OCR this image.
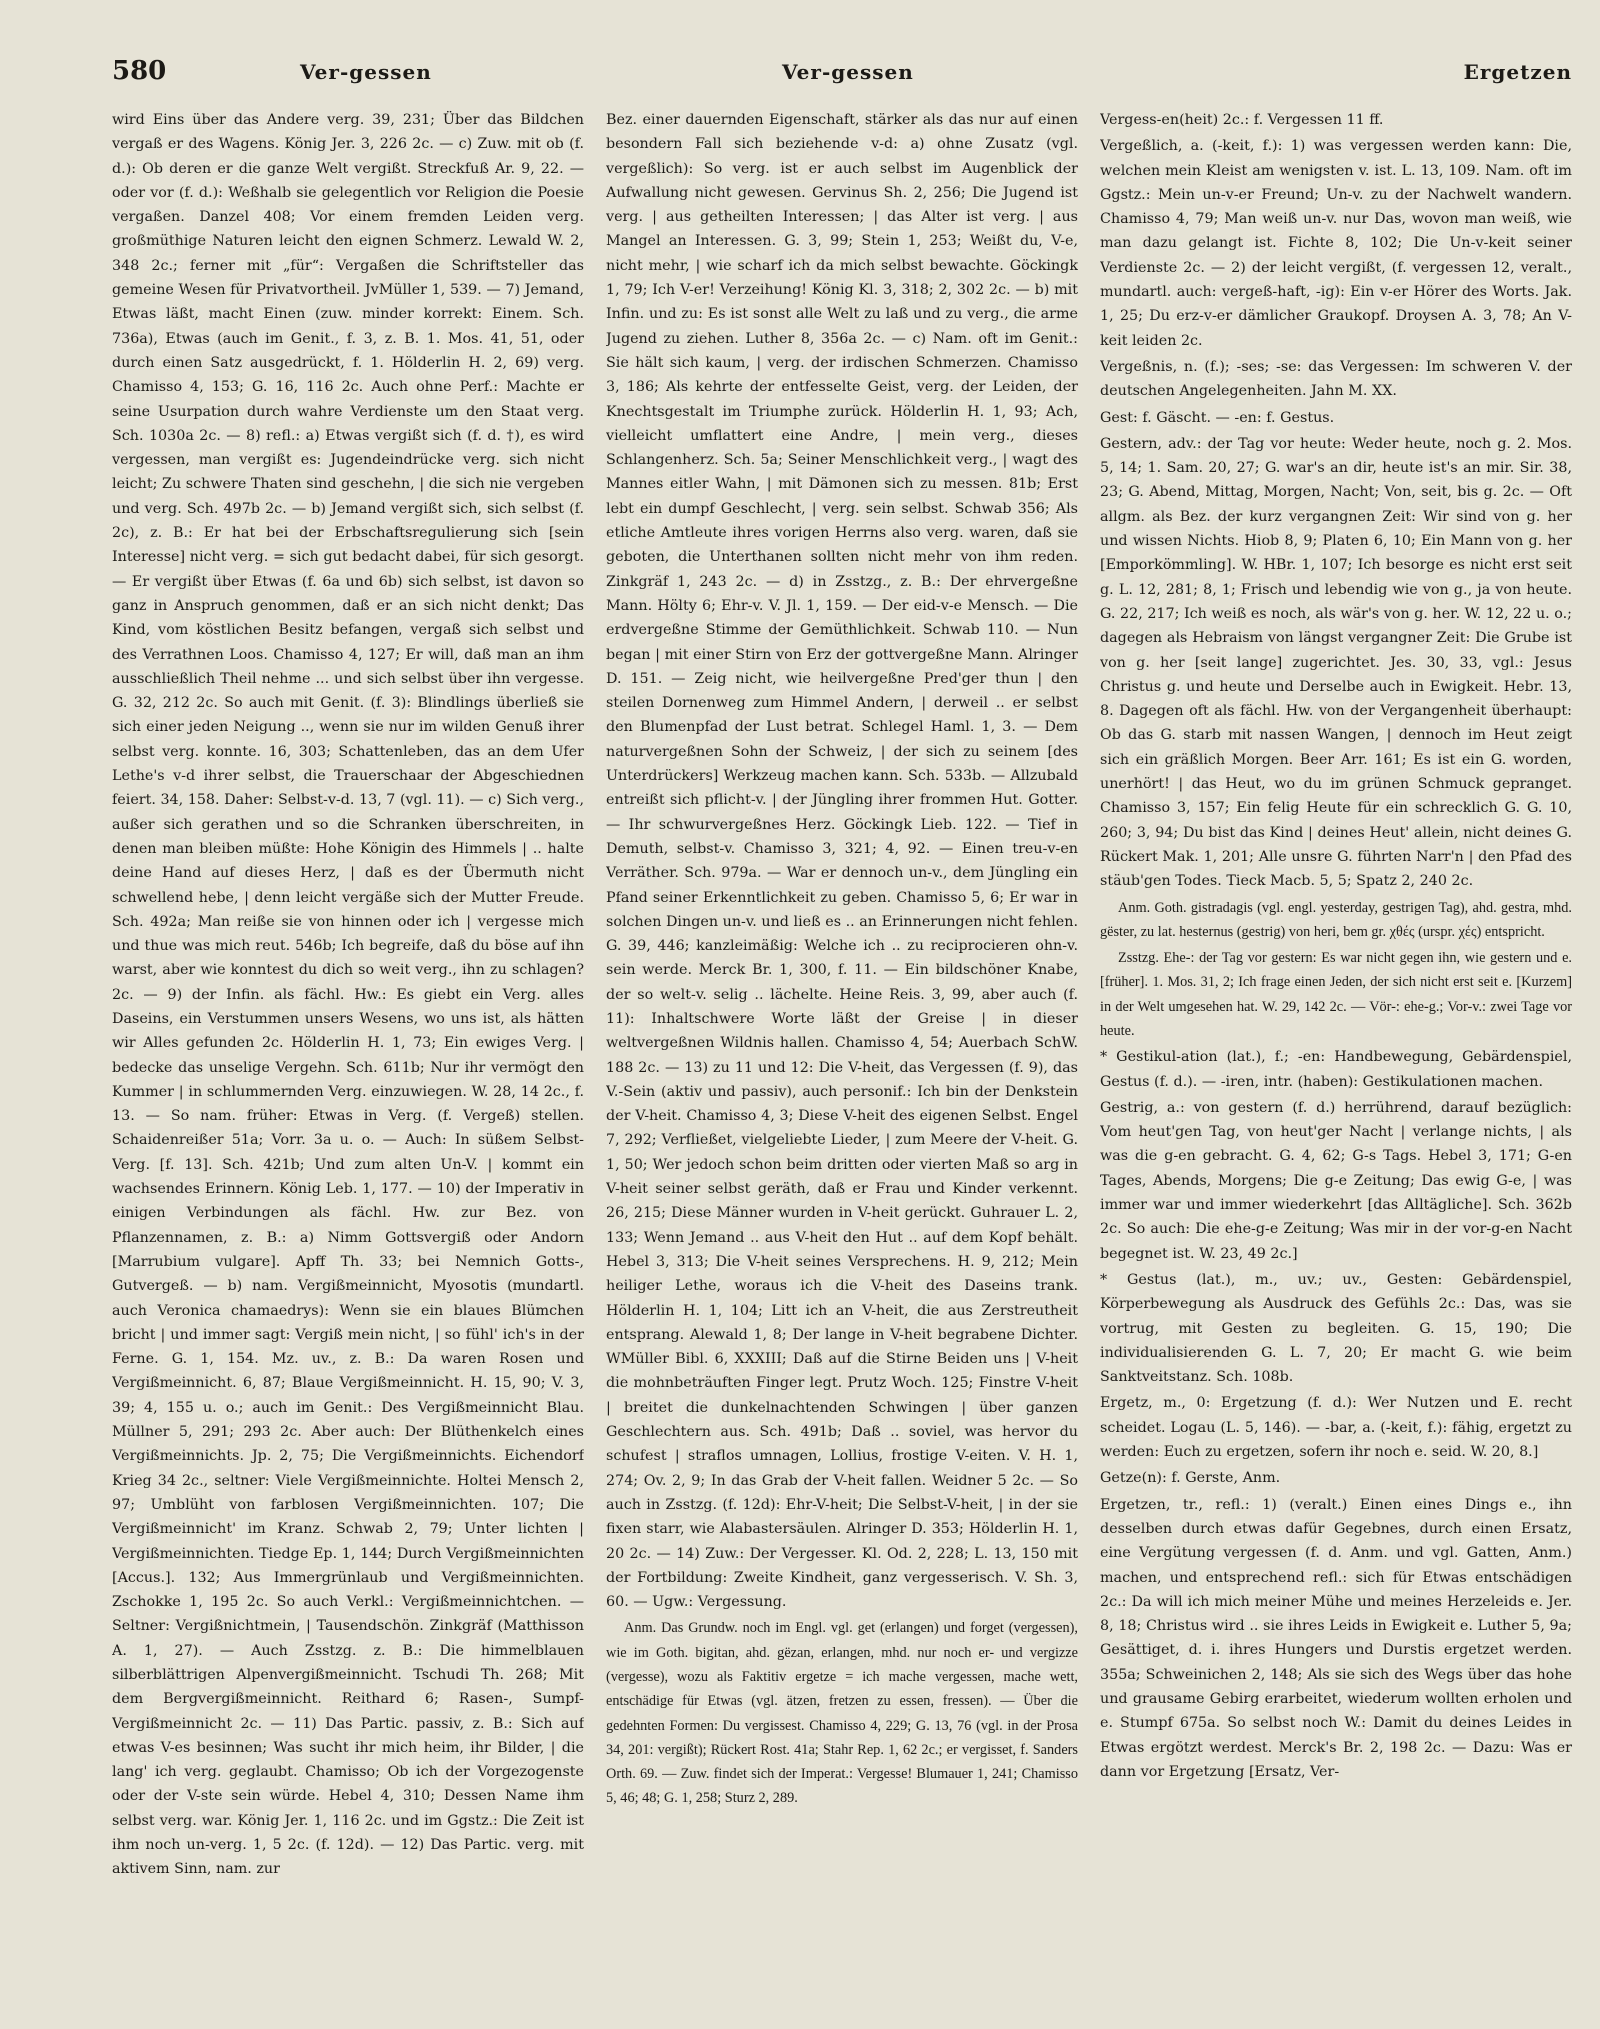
580	Ver-gessen	Ver-gessen	Ergetzen

wird Eins über das Andere verg. 39, 231; Über das Bildchen vergaß er des Wagens. König Jer. 3, 226 2c. — c) Zuw. mit ob (f. d.): Ob deren er die ganze Welt vergißt. Streckfuß Ar. 9, 22. — oder vor (f. d.): Weßhalb sie gelegentlich vor Religion die Poesie vergaßen. Danzel 408; Vor einem fremden Leiden verg. großmüthige Naturen leicht den eignen Schmerz. Lewald W. 2, 348 2c.; ferner mit „für“: Vergaßen die Schriftsteller das gemeine Wesen für Privatvortheil. JvMüller 1, 539. — 7) Jemand, Etwas läßt, macht Einen (zuw. minder korrekt: Einem. Sch. 736a), Etwas (auch im Genit., f. 3, z. B. 1. Mos. 41, 51, oder durch einen Satz ausgedrückt, f. 1. Hölderlin H. 2, 69) verg. Chamisso 4, 153; G. 16, 116 2c. Auch ohne Perf.: Machte er seine Usurpation durch wahre Verdienste um den Staat verg. Sch. 1030a 2c. — 8) refl.: a) Etwas vergißt sich (f. d. †), es wird vergessen, man vergißt es: Jugendeindrücke verg. sich nicht leicht; Zu schwere Thaten sind geschehn, | die sich nie vergeben und verg. Sch. 497b 2c. — b) Jemand vergißt sich, sich selbst (f. 2c), z. B.: Er hat bei der Erbschaftsregulierung sich [sein Interesse] nicht verg. = sich gut bedacht dabei, für sich gesorgt. — Er vergißt über Etwas (f. 6a und 6b) sich selbst, ist davon so ganz in Anspruch genommen, daß er an sich nicht denkt; Das Kind, vom köstlichen Besitz befangen, vergaß sich selbst und des Verrathnen Loos. Chamisso 4, 127; Er will, daß man an ihm ausschließlich Theil nehme ... und sich selbst über ihn vergesse. G. 32, 212 2c. So auch mit Genit. (f. 3): Blindlings überließ sie sich einer jeden Neigung .., wenn sie nur im wilden Genuß ihrer selbst verg. konnte. 16, 303; Schattenleben, das an dem Ufer Lethe's v-d ihrer selbst, die Trauerschaar der Abgeschiednen feiert. 34, 158. Daher: Selbst-v-d. 13, 7 (vgl. 11). — c) Sich verg., außer sich gerathen und so die Schranken überschreiten, in denen man bleiben müßte: Hohe Königin des Himmels | .. halte deine Hand auf dieses Herz, | daß es der Übermuth nicht schwellend hebe, | denn leicht vergäße sich der Mutter Freude. Sch. 492a; Man reiße sie von hinnen oder ich | vergesse mich und thue was mich reut. 546b; Ich begreife, daß du böse auf ihn warst, aber wie konntest du dich so weit verg., ihn zu schlagen? 2c. — 9) der Infin. als fächl. Hw.: Es giebt ein Verg. alles Daseins, ein Verstummen unsers Wesens, wo uns ist, als hätten wir Alles gefunden 2c. Hölderlin H. 1, 73; Ein ewiges Verg. | bedecke das unselige Vergehn. Sch. 611b; Nur ihr vermögt den Kummer | in schlummernden Verg. einzuwiegen. W. 28, 14 2c., f. 13. — So nam. früher: Etwas in Verg. (f. Vergeß) stellen. Schaidenreißer 51a; Vorr. 3a u. o. — Auch: In süßem Selbst-Verg. [f. 13]. Sch. 421b; Und zum alten Un-V. | kommt ein wachsendes Erinnern. König Leb. 1, 177. — 10) der Imperativ in einigen Verbindungen als fächl. Hw. zur Bez. von Pflanzennamen, z. B.: a) Nimm Gottsvergiß oder Andorn [Marrubium vulgare]. Apff Th. 33; bei Nemnich Gotts-, Gutvergeß. — b) nam. Vergißmeinnicht, Myosotis (mundartl. auch Veronica chamaedrys): Wenn sie ein blaues Blümchen bricht | und immer sagt: Vergiß mein nicht, | so fühl' ich's in der Ferne. G. 1, 154. Mz. uv., z. B.: Da waren Rosen und Vergißmeinnicht. 6, 87; Blaue Vergißmeinnicht. H. 15, 90; V. 3, 39; 4, 155 u. o.; auch im Genit.: Des Vergißmeinnicht Blau. Müllner 5, 291; 293 2c. Aber auch: Der Blüthenkelch eines Vergißmeinnichts. Jp. 2, 75; Die Vergißmeinnichts. Eichendorf Krieg 34 2c., seltner: Viele Vergißmeinnichte. Holtei Mensch 2, 97; Umblüht von farblosen Vergißmeinnichten. 107; Die Vergißmeinnicht' im Kranz. Schwab 2, 79; Unter lichten | Vergißmeinnichten. Tiedge Ep. 1, 144; Durch Vergißmeinnichten [Accus.]. 132; Aus Immergrünlaub und Vergißmeinnichten. Zschokke 1, 195 2c. So auch Verkl.: Vergißmeinnichtchen. — Seltner: Vergißnichtmein, | Tausendschön. Zinkgräf (Matthisson A. 1, 27). — Auch Zsstzg. z. B.: Die himmelblauen silberblättrigen Alpenvergißmeinnicht. Tschudi Th. 268; Mit dem Bergvergißmeinnicht. Reithard 6; Rasen-, Sumpf-Vergißmeinnicht 2c. — 11) Das Partic. passiv, z. B.: Sich auf etwas V-es besinnen; Was sucht ihr mich heim, ihr Bilder, | die lang' ich verg. geglaubt. Chamisso; Ob ich der Vorgezogenste oder der V-ste sein würde. Hebel 4, 310; Dessen Name ihm selbst verg. war. König Jer. 1, 116 2c. und im Ggstz.: Die Zeit ist ihm noch un-verg. 1, 5 2c. (f. 12d). — 12) Das Partic. verg. mit aktivem Sinn, nam. zur

Bez. einer dauernden Eigenschaft, stärker als das nur auf einen besondern Fall sich beziehende v-d: a) ohne Zusatz (vgl. vergeßlich): So verg. ist er auch selbst im Augenblick der Aufwallung nicht gewesen. Gervinus Sh. 2, 256; Die Jugend ist verg. | aus getheilten Interessen; | das Alter ist verg. | aus Mangel an Interessen. G. 3, 99; Stein 1, 253; Weißt du, V-e, nicht mehr, | wie scharf ich da mich selbst bewachte. Göckingk 1, 79; Ich V-er! Verzeihung! König Kl. 3, 318; 2, 302 2c. — b) mit Infin. und zu: Es ist sonst alle Welt zu laß und zu verg., die arme Jugend zu ziehen. Luther 8, 356a 2c. — c) Nam. oft im Genit.: Sie hält sich kaum, | verg. der irdischen Schmerzen. Chamisso 3, 186; Als kehrte der entfesselte Geist, verg. der Leiden, der Knechtsgestalt im Triumphe zurück. Hölderlin H. 1, 93; Ach, vielleicht umflattert eine Andre, | mein verg., dieses Schlangenherz. Sch. 5a; Seiner Menschlichkeit verg., | wagt des Mannes eitler Wahn, | mit Dämonen sich zu messen. 81b; Erst lebt ein dumpf Geschlecht, | verg. sein selbst. Schwab 356; Als etliche Amtleute ihres vorigen Herrns also verg. waren, daß sie geboten, die Unterthanen sollten nicht mehr von ihm reden. Zinkgräf 1, 243 2c. — d) in Zsstzg., z. B.: Der ehrvergeßne Mann. Hölty 6; Ehr-v. V. Jl. 1, 159. — Der eid-v-e Mensch. — Die erdvergeßne Stimme der Gemüthlichkeit. Schwab 110. — Nun began | mit einer Stirn von Erz der gottvergeßne Mann. Alringer D. 151. — Zeig nicht, wie heilvergeßne Pred'ger thun | den steilen Dornenweg zum Himmel Andern, | derweil .. er selbst den Blumenpfad der Lust betrat. Schlegel Haml. 1, 3. — Dem naturvergeßnen Sohn der Schweiz, | der sich zu seinem [des Unterdrückers] Werkzeug machen kann. Sch. 533b. — Allzubald entreißt sich pflicht-v. | der Jüngling ihrer frommen Hut. Gotter. — Ihr schwurvergeßnes Herz. Göckingk Lieb. 122. — Tief in Demuth, selbst-v. Chamisso 3, 321; 4, 92. — Einen treu-v-en Verräther. Sch. 979a. — War er dennoch un-v., dem Jüngling ein Pfand seiner Erkenntlichkeit zu geben. Chamisso 5, 6; Er war in solchen Dingen un-v. und ließ es .. an Erinnerungen nicht fehlen. G. 39, 446; kanzleimäßig: Welche ich .. zu reciprocieren ohn-v. sein werde. Merck Br. 1, 300, f. 11. — Ein bildschöner Knabe, der so welt-v. selig .. lächelte. Heine Reis. 3, 99, aber auch (f. 11): Inhaltschwere Worte läßt der Greise | in dieser weltvergeßnen Wildnis hallen. Chamisso 4, 54; Auerbach SchW. 188 2c. — 13) zu 11 und 12: Die V-heit, das Vergessen (f. 9), das V.-Sein (aktiv und passiv), auch personif.: Ich bin der Denkstein der V-heit. Chamisso 4, 3; Diese V-heit des eigenen Selbst. Engel 7, 292; Verfließet, vielgeliebte Lieder, | zum Meere der V-heit. G. 1, 50; Wer jedoch schon beim dritten oder vierten Maß so arg in V-heit seiner selbst geräth, daß er Frau und Kinder verkennt. 26, 215; Diese Männer wurden in V-heit gerückt. Guhrauer L. 2, 133; Wenn Jemand .. aus V-heit den Hut .. auf dem Kopf behält. Hebel 3, 313; Die V-heit seines Versprechens. H. 9, 212; Mein heiliger Lethe, woraus ich die V-heit des Daseins trank. Hölderlin H. 1, 104; Litt ich an V-heit, die aus Zerstreutheit entsprang. Alewald 1, 8; Der lange in V-heit begrabene Dichter. WMüller Bibl. 6, XXXIII; Daß auf die Stirne Beiden uns | V-heit die mohnbeträuften Finger legt. Prutz Woch. 125; Finstre V-heit | breitet die dunkelnachtenden Schwingen | über ganzen Geschlechtern aus. Sch. 491b; Daß .. soviel, was hervor du schufest | straflos umnagen, Lollius, frostige V-eiten. V. H. 1, 274; Ov. 2, 9; In das Grab der V-heit fallen. Weidner 5 2c. — So auch in Zsstzg. (f. 12d): Ehr-V-heit; Die Selbst-V-heit, | in der sie fixen starr, wie Alabastersäulen. Alringer D. 353; Hölderlin H. 1, 20 2c. — 14) Zuw.: Der Vergesser. Kl. Od. 2, 228; L. 13, 150 mit der Fortbildung: Zweite Kindheit, ganz vergesserisch. V. Sh. 3, 60. — Ugw.: Vergessung.

Anm. Das Grundw. noch im Engl. vgl. get (erlangen) und forget (vergessen), wie im Goth. bigitan, ahd. gëzan, erlangen, mhd. nur noch er- und vergizze (vergesse), wozu als Faktitiv ergetze = ich mache vergessen, mache wett, entschädige für Etwas (vgl. ätzen, fretzen zu essen, fressen). — Über die gedehnten Formen: Du vergissest. Chamisso 4, 229; G. 13, 76 (vgl. in der Prosa 34, 201: vergißt); Rückert Rost. 41a; Stahr Rep. 1, 62 2c.; er vergisset, f. Sanders Orth. 69. — Zuw. findet sich der Imperat.: Vergesse! Blumauer 1, 241; Chamisso 5, 46; 48; G. 1, 258; Sturz 2, 289.

Vergess-en(heit) 2c.: f. Vergessen 11 ff.

Vergeßlich, a. (-keit, f.): 1) was vergessen werden kann: Die, welchen mein Kleist am wenigsten v. ist. L. 13, 109. Nam. oft im Ggstz.: Mein un-v-er Freund; Un-v. zu der Nachwelt wandern. Chamisso 4, 79; Man weiß un-v. nur Das, wovon man weiß, wie man dazu gelangt ist. Fichte 8, 102; Die Un-v-keit seiner Verdienste 2c. — 2) der leicht vergißt, (f. vergessen 12, veralt., mundartl. auch: vergeß-haft, -ig): Ein v-er Hörer des Worts. Jak. 1, 25; Du erz-v-er dämlicher Graukopf. Droysen A. 3, 78; An V-keit leiden 2c.

Vergeßnis, n. (f.); -ses; -se: das Vergessen: Im schweren V. der deutschen Angelegenheiten. Jahn M. XX.

Gest: f. Gäscht. — -en: f. Gestus.

Gestern, adv.: der Tag vor heute: Weder heute, noch g. 2. Mos. 5, 14; 1. Sam. 20, 27; G. war's an dir, heute ist's an mir. Sir. 38, 23; G. Abend, Mittag, Morgen, Nacht; Von, seit, bis g. 2c. — Oft allgm. als Bez. der kurz vergangnen Zeit: Wir sind von g. her und wissen Nichts. Hiob 8, 9; Platen 6, 10; Ein Mann von g. her [Emporkömmling]. W. HBr. 1, 107; Ich besorge es nicht erst seit g. L. 12, 281; 8, 1; Frisch und lebendig wie von g., ja von heute. G. 22, 217; Ich weiß es noch, als wär's von g. her. W. 12, 22 u. o.; dagegen als Hebraism von längst vergangner Zeit: Die Grube ist von g. her [seit lange] zugerichtet. Jes. 30, 33, vgl.: Jesus Christus g. und heute und Derselbe auch in Ewigkeit. Hebr. 13, 8. Dagegen oft als fächl. Hw. von der Vergangenheit überhaupt: Ob das G. starb mit nassen Wangen, | dennoch im Heut zeigt sich ein gräßlich Morgen. Beer Arr. 161; Es ist ein G. worden, unerhört! | das Heut, wo du im grünen Schmuck gepranget. Chamisso 3, 157; Ein felig Heute für ein schrecklich G. G. 10, 260; 3, 94; Du bist das Kind | deines Heut' allein, nicht deines G. Rückert Mak. 1, 201; Alle unsre G. führten Narr'n | den Pfad des stäub'gen Todes. Tieck Macb. 5, 5; Spatz 2, 240 2c.

Anm. Goth. gistradagis (vgl. engl. yesterday, gestrigen Tag), ahd. gestra, mhd. gëster, zu lat. hesternus (gestrig) von heri, bem gr. χθές (urspr. χές) entspricht.

Zsstzg. Ehe-: der Tag vor gestern: Es war nicht gegen ihn, wie gestern und e. [früher]. 1. Mos. 31, 2; Ich frage einen Jeden, der sich nicht erst seit e. [Kurzem] in der Welt umgesehen hat. W. 29, 142 2c. — Vör-: ehe-g.; Vor-v.: zwei Tage vor heute.

* Gestikul-ation (lat.), f.; -en: Handbewegung, Gebärdenspiel, Gestus (f. d.). — -iren, intr. (haben): Gestikulationen machen.

Gestrig, a.: von gestern (f. d.) herrührend, darauf bezüglich: Vom heut'gen Tag, von heut'ger Nacht | verlange nichts, | als was die g-en gebracht. G. 4, 62; G-s Tags. Hebel 3, 171; G-en Tages, Abends, Morgens; Die g-e Zeitung; Das ewig G-e, | was immer war und immer wiederkehrt [das Alltägliche]. Sch. 362b 2c. So auch: Die ehe-g-e Zeitung; Was mir in der vor-g-en Nacht begegnet ist. W. 23, 49 2c.]

* Gestus (lat.), m., uv.; uv., Gesten: Gebärdenspiel, Körperbewegung als Ausdruck des Gefühls 2c.: Das, was sie vortrug, mit Gesten zu begleiten. G. 15, 190; Die individualisierenden G. L. 7, 20; Er macht G. wie beim Sanktveitstanz. Sch. 108b.

Ergetz, m., 0: Ergetzung (f. d.): Wer Nutzen und E. recht scheidet. Logau (L. 5, 146). — -bar, a. (-keit, f.): fähig, ergetzt zu werden: Euch zu ergetzen, sofern ihr noch e. seid. W. 20, 8.]

Getze(n): f. Gerste, Anm.

Ergetzen, tr., refl.: 1) (veralt.) Einen eines Dings e., ihn desselben durch etwas dafür Gegebnes, durch einen Ersatz, eine Vergütung vergessen (f. d. Anm. und vgl. Gatten, Anm.) machen, und entsprechend refl.: sich für Etwas entschädigen 2c.: Da will ich mich meiner Mühe und meines Herzeleids e. Jer. 8, 18; Christus wird .. sie ihres Leids in Ewigkeit e. Luther 5, 9a; Gesättiget, d. i. ihres Hungers und Durstis ergetzet werden. 355a; Schweinichen 2, 148; Als sie sich des Wegs über das hohe und grausame Gebirg erarbeitet, wiederum wollten erholen und e. Stumpf 675a. So selbst noch W.: Damit du deines Leides in Etwas ergötzt werdest. Merck's Br. 2, 198 2c. — Dazu: Was er dann vor Ergetzung [Ersatz, Ver-
